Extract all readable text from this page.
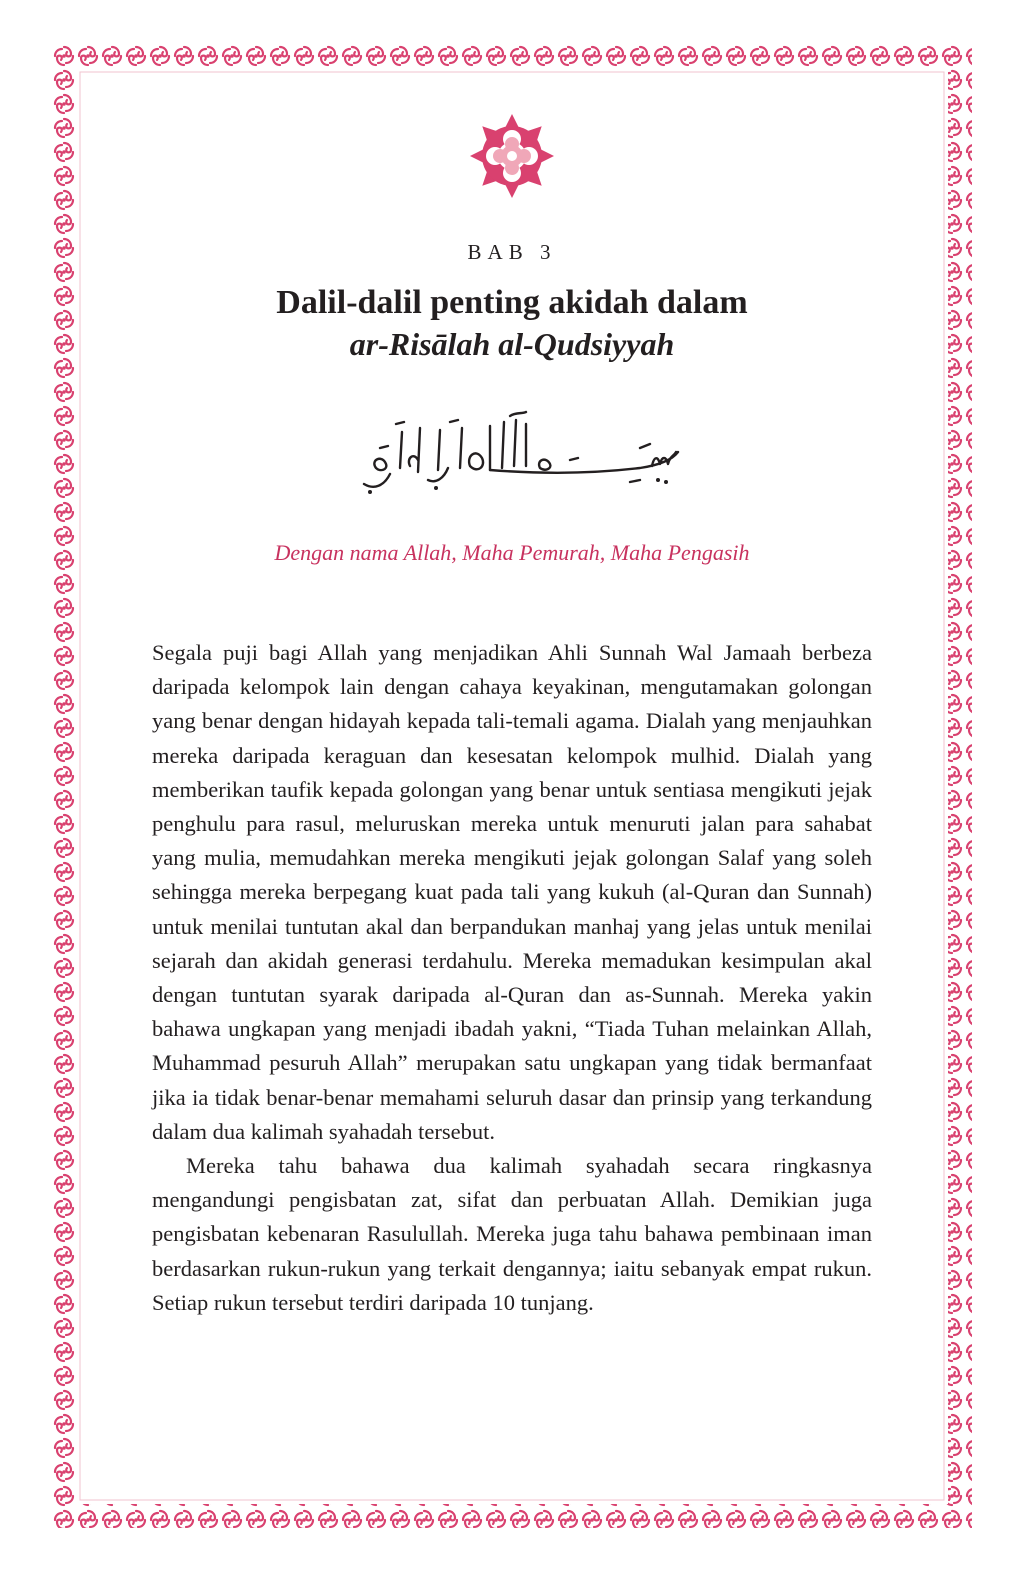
BAB 3
Dalil-dalil penting akidah dalam
ar-Risālah al-Qudsiyyah
Dengan nama Allah, Maha Pemurah, Maha Pengasih

Segala puji bagi Allah yang menjadikan Ahli Sunnah Wal Jamaah berbeza daripada kelompok lain dengan cahaya keyakinan, mengutamakan golongan yang benar dengan hidayah kepada tali-temali agama. Dialah yang menjauhkan mereka daripada keraguan dan kesesatan kelompok mulhid. Dialah yang memberikan taufik kepada golongan yang benar untuk sentiasa mengikuti jejak penghulu para rasul, meluruskan mereka untuk menuruti jalan para sahabat yang mulia, memudahkan mereka mengikuti jejak golongan Salaf yang soleh sehingga mereka berpegang kuat pada tali yang kukuh (al-Quran dan Sunnah) untuk menilai tuntutan akal dan berpandukan manhaj yang jelas untuk menilai sejarah dan akidah generasi terdahulu. Mereka memadukan kesimpulan akal dengan tuntutan syarak daripada al-Quran dan as-Sunnah. Mereka yakin bahawa ungkapan yang menjadi ibadah yakni, “Tiada Tuhan melainkan Allah, Muhammad pesuruh Allah” merupakan satu ungkapan yang tidak bermanfaat jika ia tidak benar-benar memahami seluruh dasar dan prinsip yang terkandung dalam dua kalimah syahadah tersebut.

Mereka tahu bahawa dua kalimah syahadah secara ringkasnya mengandungi pengisbatan zat, sifat dan perbuatan Allah. Demikian juga pengisbatan kebenaran Rasulullah. Mereka juga tahu bahawa pembinaan iman berdasarkan rukun-rukun yang terkait dengannya; iaitu sebanyak empat rukun. Setiap rukun tersebut terdiri daripada 10 tunjang.
